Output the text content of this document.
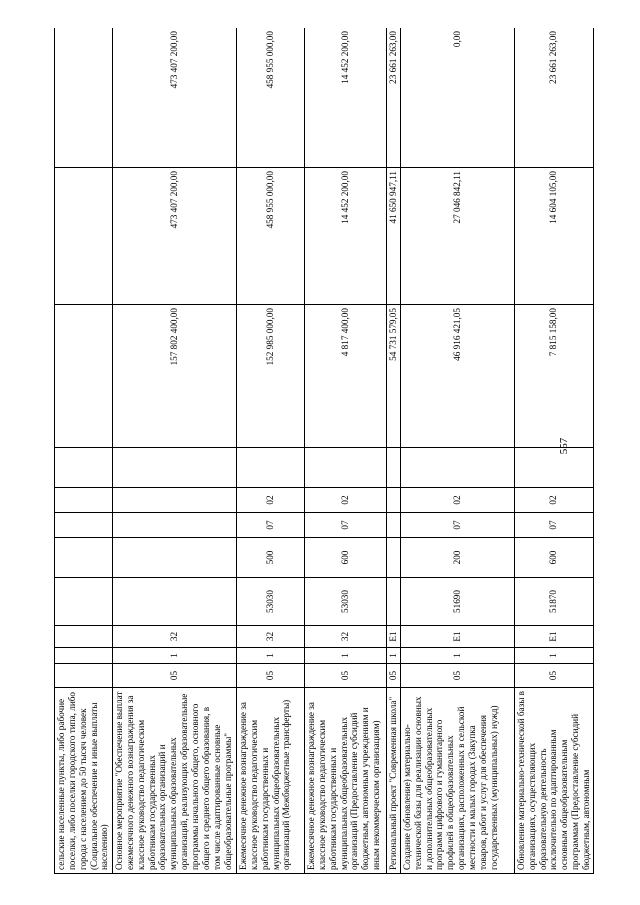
557
сельские населенные пункты, либо рабочие поселки, либо поселки городского типа, либо города с населением до 50 тысяч человек (Социальное обеспечение и иные выплаты населению)											
Основное мероприятие "Обеспечение выплат ежемесячного денежного вознаграждения за классное руководство педагогическим работникам государственных образовательных организаций и муниципальных образовательных организаций, реализующих образовательные программы начального общего, основного общего и среднего общего образования, в том числе адаптированные основные общеобразовательные программы"	05	1	32						157 802 400,00	473 407 200,00	473 407 200,00
Ежемесячное денежное вознаграждение за классное руководство педагогическим работникам государственных и муниципальных общеобразовательных организаций (Межбюджетные трансферты)	05	1	32	53030	500	07	02		152 985 000,00	458 955 000,00	458 955 000,00
Ежемесячное денежное вознаграждение за классное руководство педагогическим работникам государственных и муниципальных общеобразовательных организаций (Предоставление субсидий бюджетным, автономным учреждениям и иным некоммерческим организациям)	05	1	32	53030	600	07	02		4 817 400,00	14 452 200,00	14 452 200,00
Региональный проект "Современная школа"	05	1	Е1						54 731 579,05	41 650 947,11	23 661 263,00
Создание (обновление) материально-технической базы для реализации основных и дополнительных общеобразовательных программ цифрового и гуманитарного профилей в общеобразовательных организациях, расположенных в сельской местности и малых городах (Закупка товаров, работ и услуг для обеспечения государственных (муниципальных) нужд)	05	1	Е1	51690	200	07	02		46 916 421,05	27 046 842,11	0,00
Обновление материально-технической базы в организациях, осуществляющих образовательную деятельность исключительно по адаптированным основным общеобразовательным программам (Предоставление субсидий бюджетным, автономным	05	1	Е1	51870	600	07	02		7 815 158,00	14 604 105,00	23 661 263,00
